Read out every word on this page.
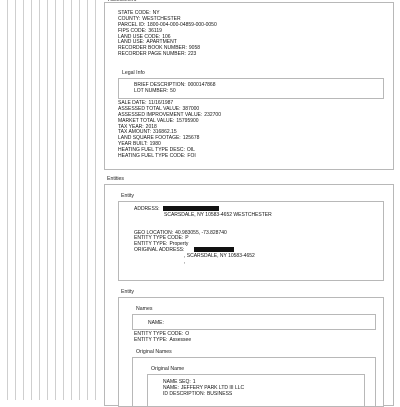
STATE CODE: NY
COUNTY: WESTCHESTER
PARCEL ID: 1800-004-000-04859-000-0050
FIPS CODE: 36119
LAND USE CODE: 106
LAND USE: APARTMENT
RECORDER BOOK NUMBER: 9058
RECORDER PAGE NUMBER: 223
Legal Info
BRIEF DESCRIPTION: 0000147868
LOT NUMBER: 50
SALE DATE: 11/16/1987
ASSESSED TOTAL VALUE: 387000
ASSESSED IMPROVEMENT VALUE: 232700
MARKET TOTAL VALUE: 15795900
TAX YEAR: 2018
TAX AMOUNT: 316862.15
LAND SQUARE FOOTAGE: 125678
YEAR BUILT: 1980
HEATING FUEL TYPE DESC: OIL
HEATING FUEL TYPE CODE: FOI
Entities
Entity
ADDRESS:
SCARSDALE, NY 10583-4652 WESTCHESTER
GEO LOCATION: 40.983055, -73.828740
ENTITY TYPE CODE: P
ENTITY TYPE: Property
ORIGINAL ADDRESS:
, SCARSDALE, NY 10583-4652
,
Entity
Names
NAME:
ENTITY TYPE CODE: O
ENTITY TYPE: Assessee
Original Names
Original Name
NAME SEQ: 1
NAME: JEFFERY PARK LTD III LLC
ID DESCRIPTION: BUSINESS
